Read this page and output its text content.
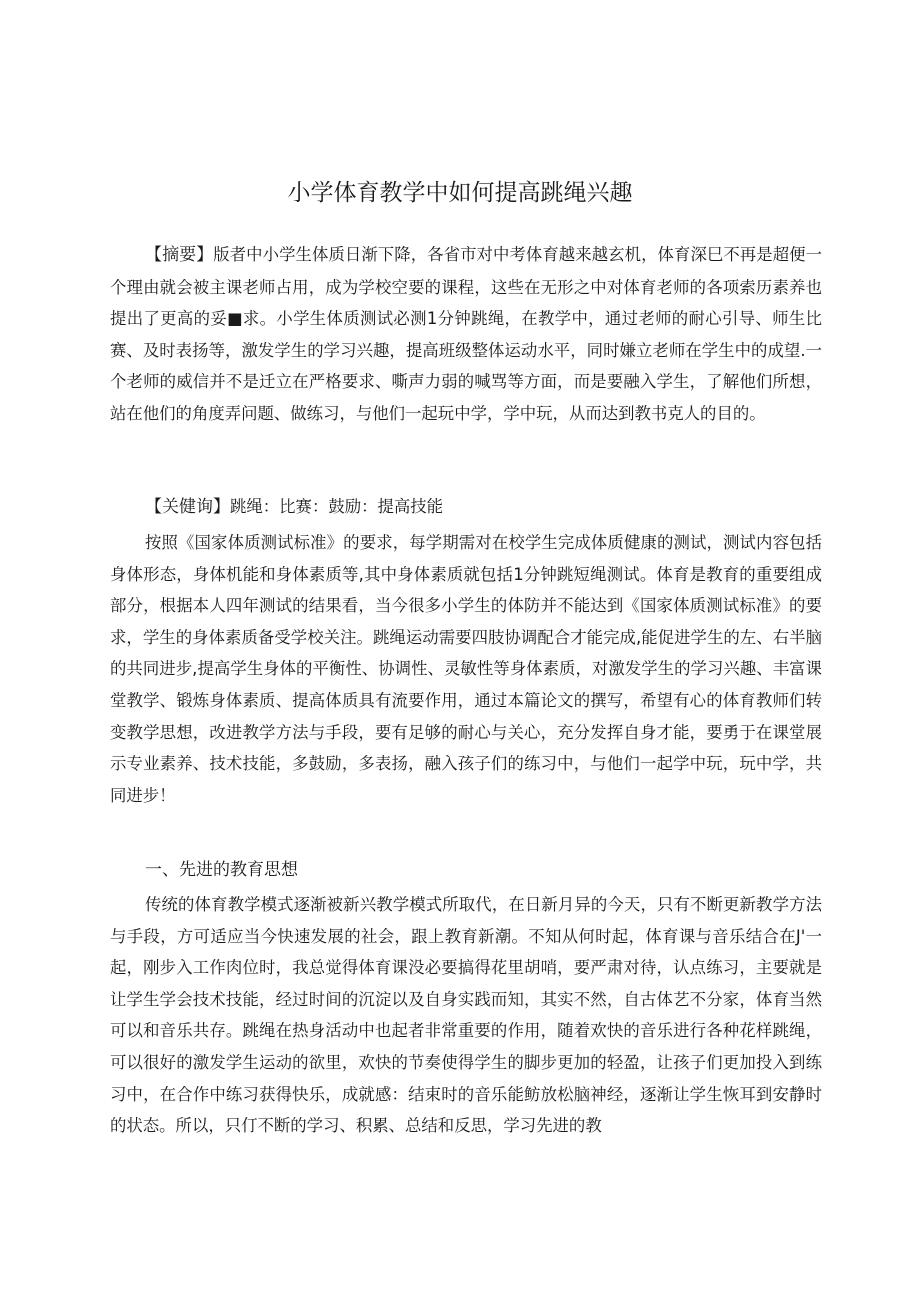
小学体育教学中如何提高跳绳兴趣

【摘要】版者中小学生体质日渐下降，各省市对中考体育越来越玄机，体育深巳不再是超便一个理由就会被主课老师占用，成为学校空要的课程，这些在无形之中对体育老师的各项索历素养也提出了更高的妥■求。小学生体质测试必测1分钟跳绳，在教学中，通过老师的耐心引导、师生比赛、及时表扬等，激发学生的学习兴趣，提高班级整体运动水平，同时嫌立老师在学生中的成望.一个老师的威信并不是迁立在严格要求、嘶声力弱的喊骂等方面，而是要融入学生，了解他们所想，站在他们的角度弄问题、做练习，与他们一起玩中学，学中玩，从而达到教书克人的目的。

【关健询】跳绳：比赛：鼓励：提高技能

按照《国家体质测试标准》的要求，每学期需对在校学生完成体质健康的测试，测试内容包括身体形态，身体机能和身体素质等,其中身体素质就包括1分钟跳短绳测试。体育是教育的重要组成部分，根据本人四年测试的结果看，当今很多小学生的体防并不能达到《国家体质测试标准》的要求，学生的身体素质备受学校关注。跳绳运动需要四肢协调配合才能完成,能促进学生的左、右半脑的共同进步,提高学生身体的平衡性、协调性、灵敏性等身体素质，对激发学生的学习兴趣、丰富课堂教学、锻炼身体素质、提高体质具有流要作用，通过本篇论文的撰写，希望有心的体育教师们转变教学思想，改进教学方法与手段，要有足够的耐心与关心，充分发挥自身才能，要勇于在课堂展示专业素养、技术技能，多鼓励，多表扬，融入孩子们的练习中，与他们一起学中玩，玩中学，共同进步！

一、先进的教育思想

传统的体育教学模式逐渐被新兴教学模式所取代，在日新月异的今天，只有不断更新教学方法与手段，方可适应当今快速发展的社会，跟上教育新潮。不知从何时起，体育课与音乐结合在J'一起，刚步入工作肉位时，我总觉得体育课没必要搞得花里胡哨，要严肃对待，认点练习，主要就是让学生学会技术技能，经过时间的沉淀以及自身实践而知，其实不然，自古体艺不分家，体育当然可以和音乐共存。跳绳在热身活动中也起者非常重要的作用，随着欢快的音乐进行各种花样跳绳，可以很好的激发学生运动的欲里，欢快的节奏使得学生的脚步更加的轻盈，让孩子们更加投入到练习中，在合作中练习获得快乐，成就感：结束时的音乐能鲂放松脑神经，逐渐让学生恢耳到安静时的状态。所以，只仃不断的学习、积累、总结和反思，学习先进的教
